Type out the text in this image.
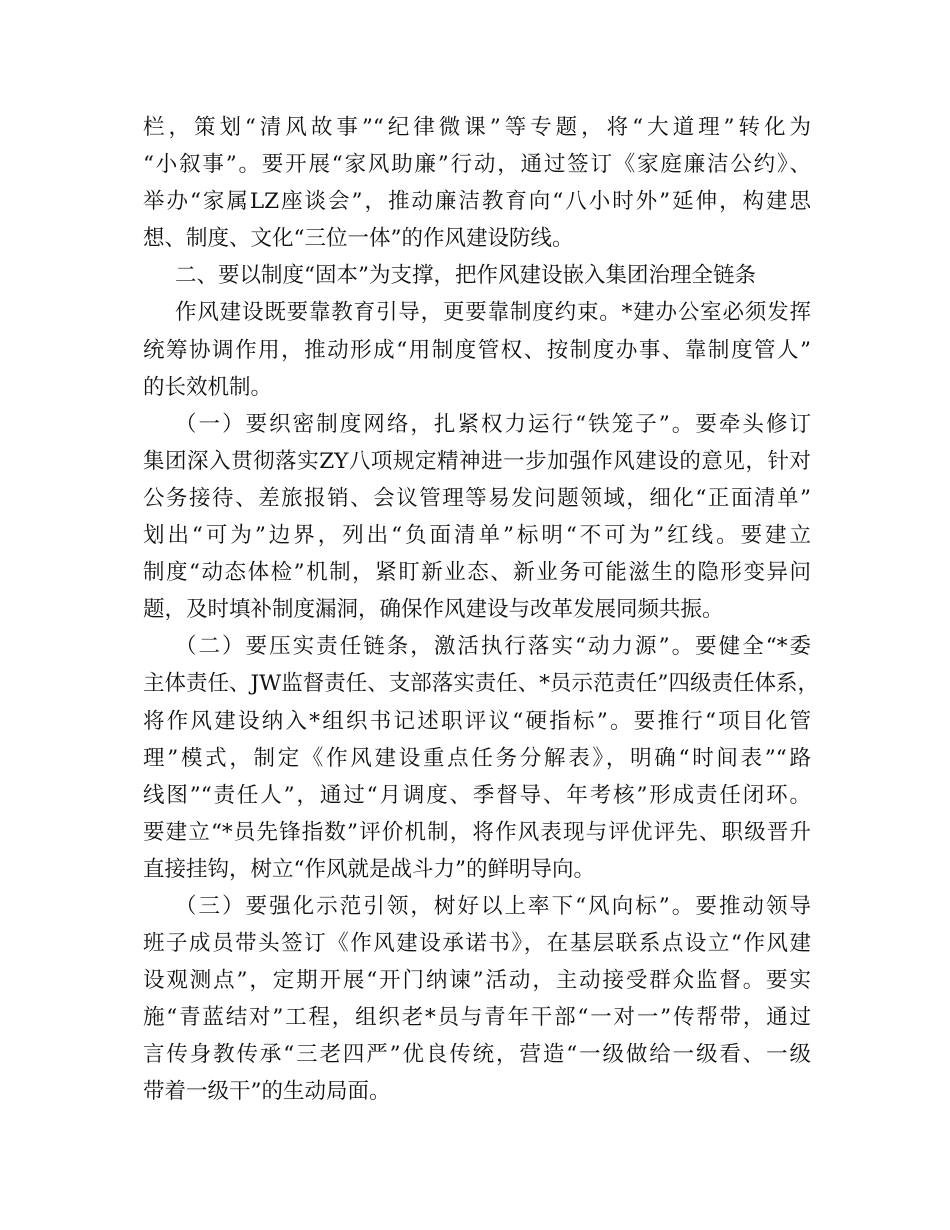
栏，策划“清风故事”“纪律微课”等专题，将“大道理”转化为
“小叙事”。要开展“家风助廉”行动，通过签订《家庭廉洁公约》、
举办“家属LZ座谈会”，推动廉洁教育向“八小时外”延伸，构建思
想、制度、文化“三位一体”的作风建设防线。
二、要以制度“固本”为支撑，把作风建设嵌入集团治理全链条
作风建设既要靠教育引导，更要靠制度约束。*建办公室必须发挥
统筹协调作用，推动形成“用制度管权、按制度办事、靠制度管人”
的长效机制。
（一）要织密制度网络，扎紧权力运行“铁笼子”。要牵头修订
集团深入贯彻落实ZY八项规定精神进一步加强作风建设的意见，针对
公务接待、差旅报销、会议管理等易发问题领域，细化“正面清单”
划出“可为”边界，列出“负面清单”标明“不可为”红线。要建立
制度“动态体检”机制，紧盯新业态、新业务可能滋生的隐形变异问
题，及时填补制度漏洞，确保作风建设与改革发展同频共振。
（二）要压实责任链条，激活执行落实“动力源”。要健全“*委
主体责任、JW监督责任、支部落实责任、*员示范责任”四级责任体系，
将作风建设纳入*组织书记述职评议“硬指标”。要推行“项目化管
理”模式，制定《作风建设重点任务分解表》，明确“时间表”“路
线图”“责任人”，通过“月调度、季督导、年考核”形成责任闭环。
要建立“*员先锋指数”评价机制，将作风表现与评优评先、职级晋升
直接挂钩，树立“作风就是战斗力”的鲜明导向。
（三）要强化示范引领，树好以上率下“风向标”。要推动领导
班子成员带头签订《作风建设承诺书》，在基层联系点设立“作风建
设观测点”，定期开展“开门纳谏”活动，主动接受群众监督。要实
施“青蓝结对”工程，组织老*员与青年干部“一对一”传帮带，通过
言传身教传承“三老四严”优良传统，营造“一级做给一级看、一级
带着一级干”的生动局面。
